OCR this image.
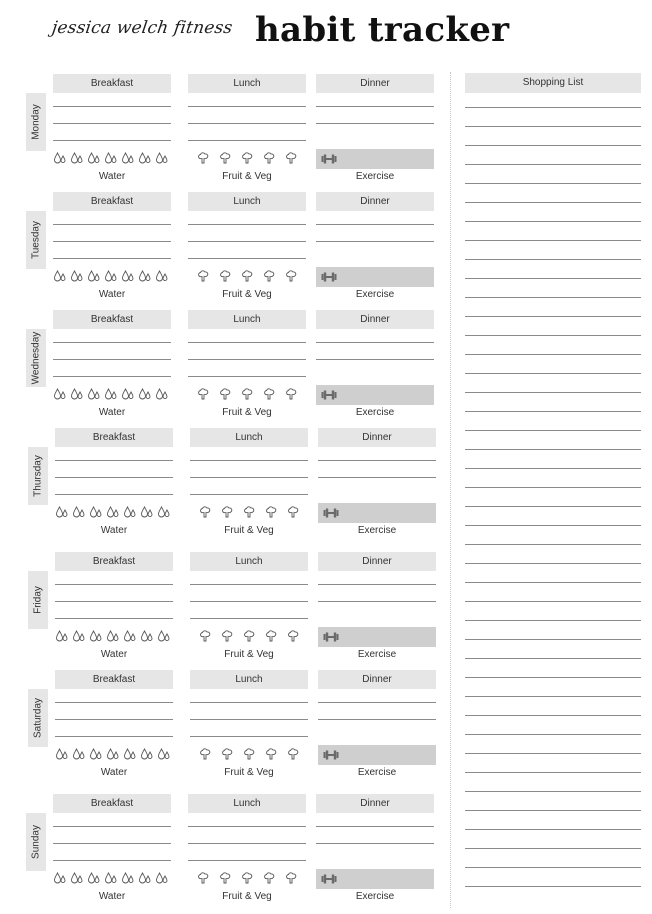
jessica welch fitness habit tracker
Monday
Breakfast
Water
Lunch
Fruit & Veg
Dinner
Exercise
Tuesday
Breakfast
Water
Lunch
Fruit & Veg
Dinner
Exercise
Wednesday
Breakfast
Water
Lunch
Fruit & Veg
Dinner
Exercise
Thursday
Breakfast
Water
Lunch
Fruit & Veg
Dinner
Exercise
Friday
Breakfast
Water
Lunch
Fruit & Veg
Dinner
Exercise
Saturday
Breakfast
Water
Lunch
Fruit & Veg
Dinner
Exercise
Sunday
Breakfast
Water
Lunch
Fruit & Veg
Dinner
Exercise
Shopping List
